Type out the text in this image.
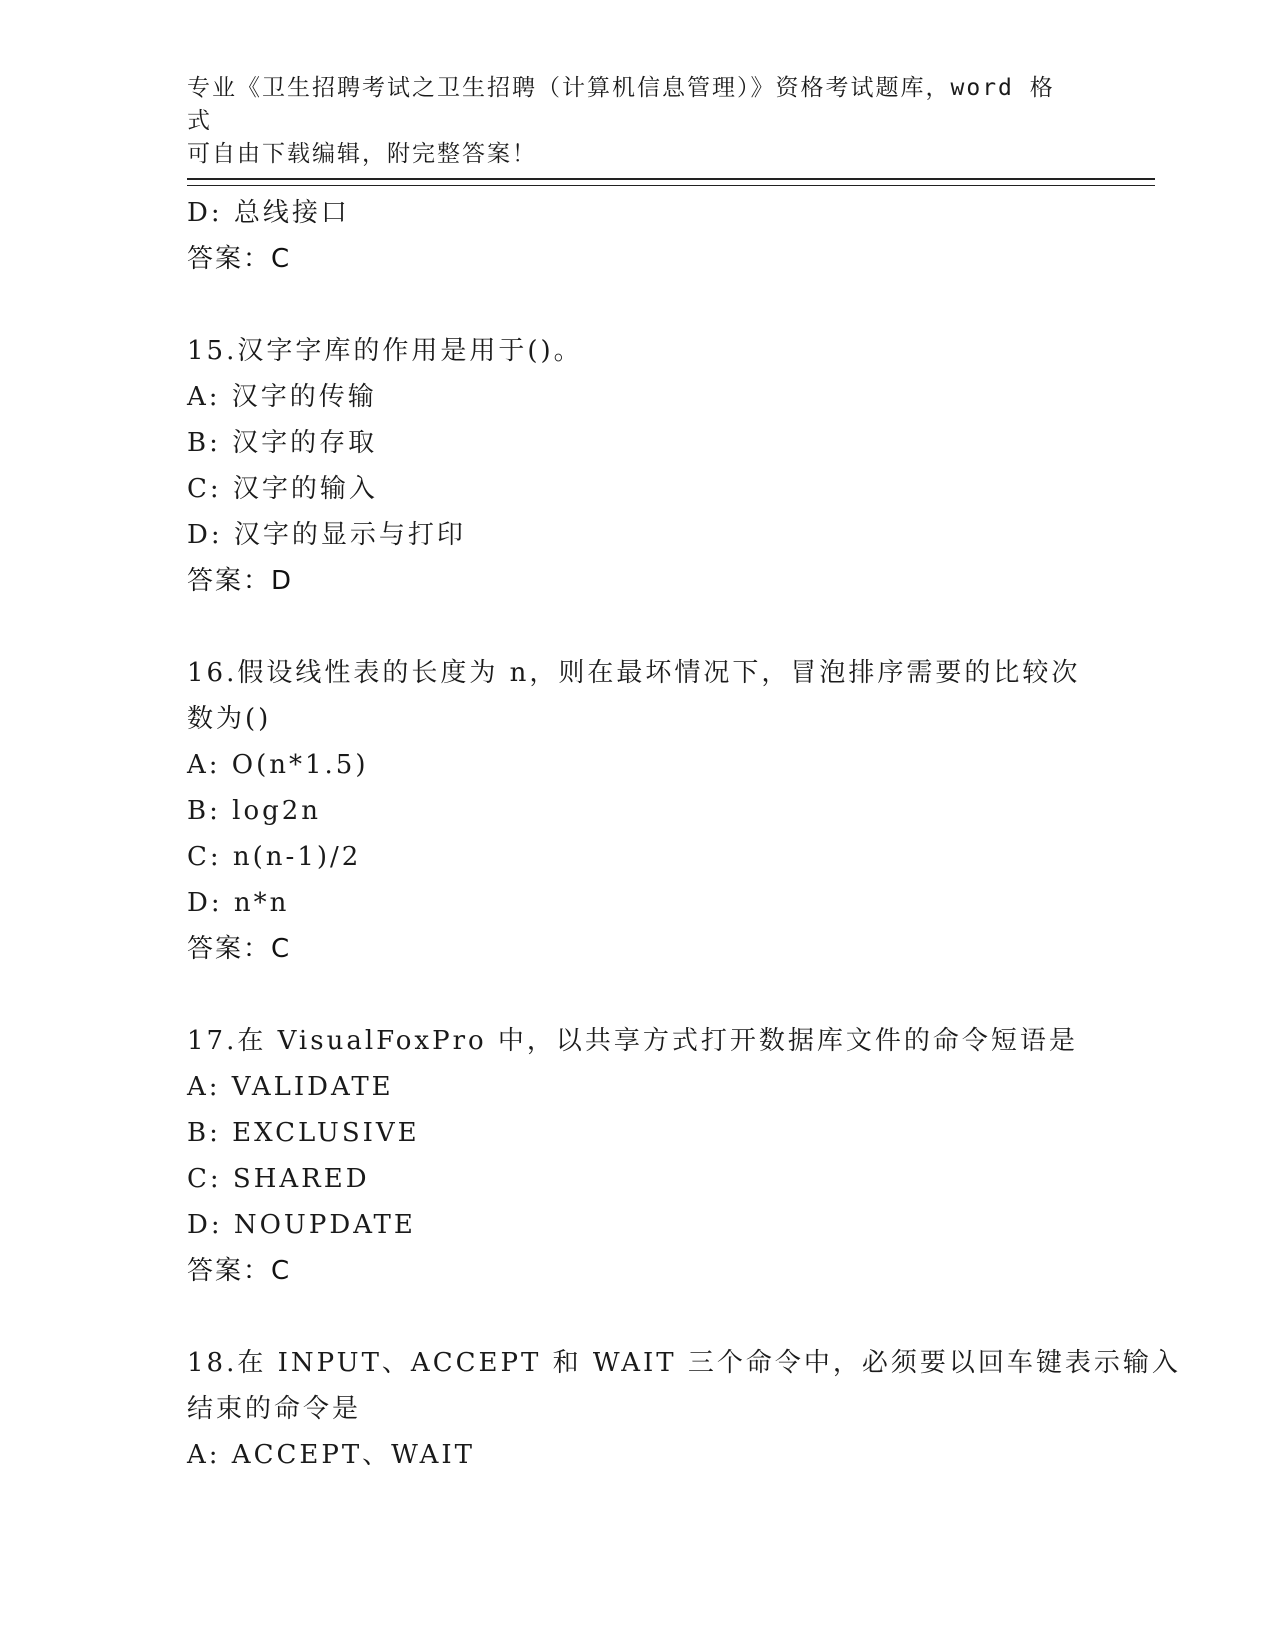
专业《卫生招聘考试之卫生招聘（计算机信息管理）》资格考试题库，word 格式
可自由下载编辑，附完整答案！
D: 总线接口
答案：C
15.汉字字库的作用是用于()。
A: 汉字的传输
B: 汉字的存取
C: 汉字的输入
D: 汉字的显示与打印
答案：D
16.假设线性表的长度为 n，则在最坏情况下，冒泡排序需要的比较次
数为()
A: O(n*1.5)
B: log2n
C: n(n-1)/2
D: n*n
答案：C
17.在 VisualFoxPro 中，以共享方式打开数据库文件的命令短语是
A: VALIDATE
B: EXCLUSIVE
C: SHARED
D: NOUPDATE
答案：C
18.在 INPUT、ACCEPT 和 WAIT 三个命令中，必须要以回车键表示输入
结束的命令是
A: ACCEPT、WAIT
